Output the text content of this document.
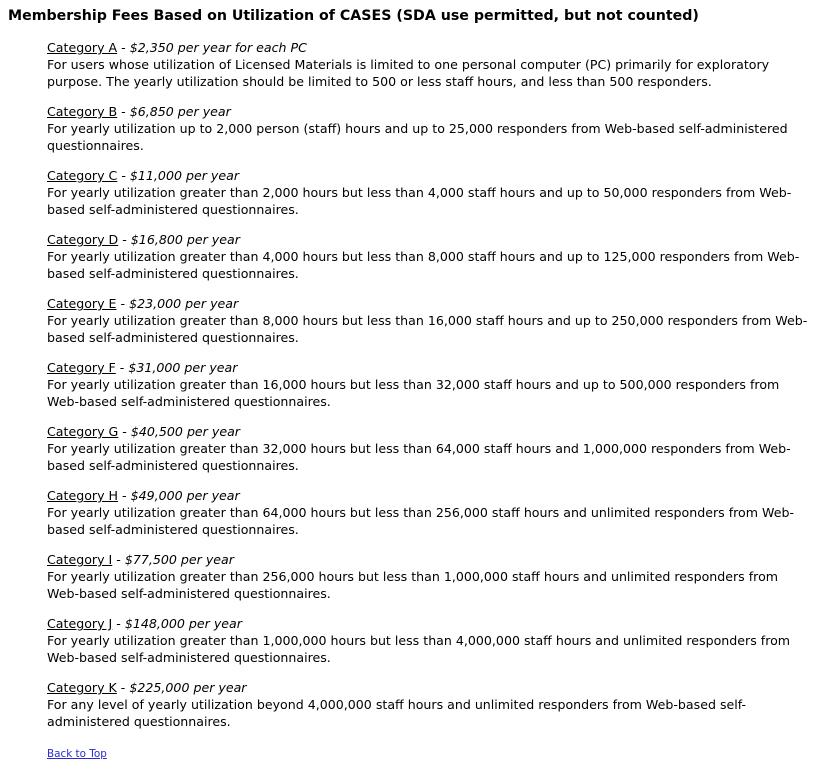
Membership Fees Based on Utilization of CASES (SDA use permitted, but not counted)
Category A - $2,350 per year for each PC
For users whose utilization of Licensed Materials is limited to one personal computer (PC) primarily for exploratory purpose. The yearly utilization should be limited to 500 or less staff hours, and less than 500 responders.
Category B - $6,850 per year
For yearly utilization up to 2,000 person (staff) hours and up to 25,000 responders from Web-based self-administered questionnaires.
Category C - $11,000 per year
For yearly utilization greater than 2,000 hours but less than 4,000 staff hours and up to 50,000 responders from Web-based self-administered questionnaires.
Category D - $16,800 per year
For yearly utilization greater than 4,000 hours but less than 8,000 staff hours and up to 125,000 responders from Web-based self-administered questionnaires.
Category E - $23,000 per year
For yearly utilization greater than 8,000 hours but less than 16,000 staff hours and up to 250,000 responders from Web-based self-administered questionnaires.
Category F - $31,000 per year
For yearly utilization greater than 16,000 hours but less than 32,000 staff hours and up to 500,000 responders from Web-based self-administered questionnaires.
Category G - $40,500 per year
For yearly utilization greater than 32,000 hours but less than 64,000 staff hours and 1,000,000 responders from Web-based self-administered questionnaires.
Category H - $49,000 per year
For yearly utilization greater than 64,000 hours but less than 256,000 staff hours and unlimited responders from Web-based self-administered questionnaires.
Category I - $77,500 per year
For yearly utilization greater than 256,000 hours but less than 1,000,000 staff hours and unlimited responders from Web-based self-administered questionnaires.
Category J - $148,000 per year
For yearly utilization greater than 1,000,000 hours but less than 4,000,000 staff hours and unlimited responders from Web-based self-administered questionnaires.
Category K - $225,000 per year
For any level of yearly utilization beyond 4,000,000 staff hours and unlimited responders from Web-based self-administered questionnaires.
Back to Top
